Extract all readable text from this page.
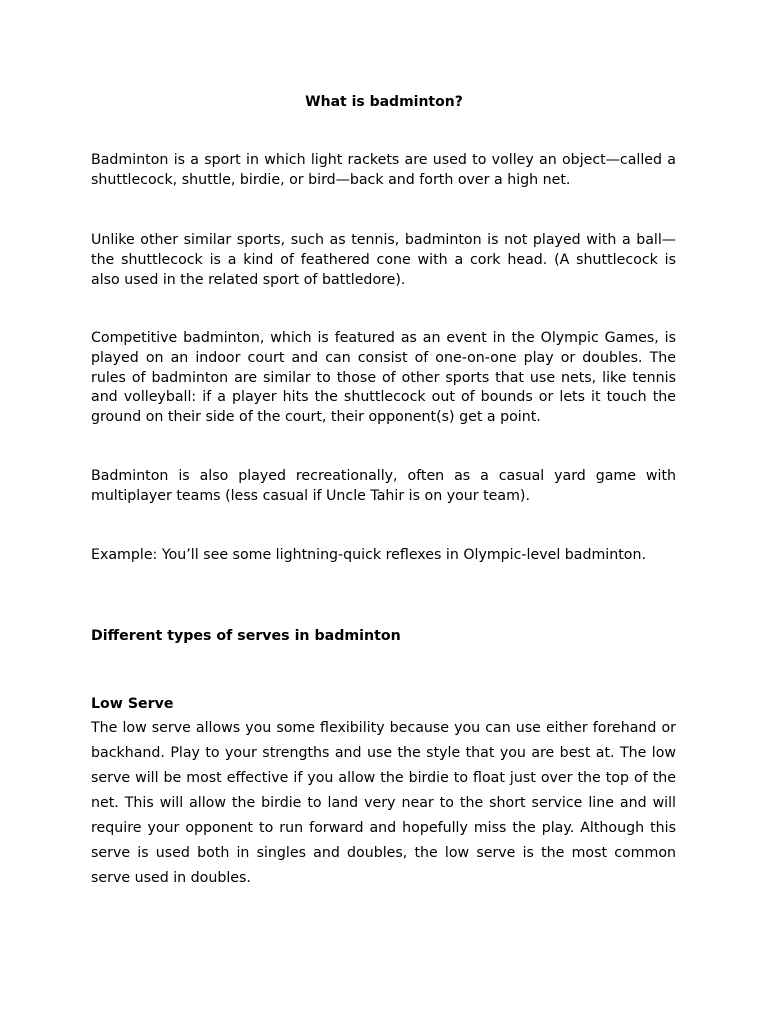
What is badminton?

Badminton is a sport in which light rackets are used to volley an object—called a shuttlecock, shuttle, birdie, or bird—back and forth over a high net.

Unlike other similar sports, such as tennis, badminton is not played with a ball—the shuttlecock is a kind of feathered cone with a cork head. (A shuttlecock is also used in the related sport of battledore).

Competitive badminton, which is featured as an event in the Olympic Games, is played on an indoor court and can consist of one-on-one play or doubles. The rules of badminton are similar to those of other sports that use nets, like tennis and volleyball: if a player hits the shuttlecock out of bounds or lets it touch the ground on their side of the court, their opponent(s) get a point.

Badminton is also played recreationally, often as a casual yard game with multiplayer teams (less casual if Uncle Tahir is on your team).

Example: You’ll see some lightning-quick reflexes in Olympic-level badminton.

Different types of serves in badminton
Low Serve

The low serve allows you some flexibility because you can use either forehand or backhand. Play to your strengths and use the style that you are best at. The low serve will be most effective if you allow the birdie to float just over the top of the net. This will allow the birdie to land very near to the short service line and will require your opponent to run forward and hopefully miss the play. Although this serve is used both in singles and doubles, the low serve is the most common serve used in doubles.
